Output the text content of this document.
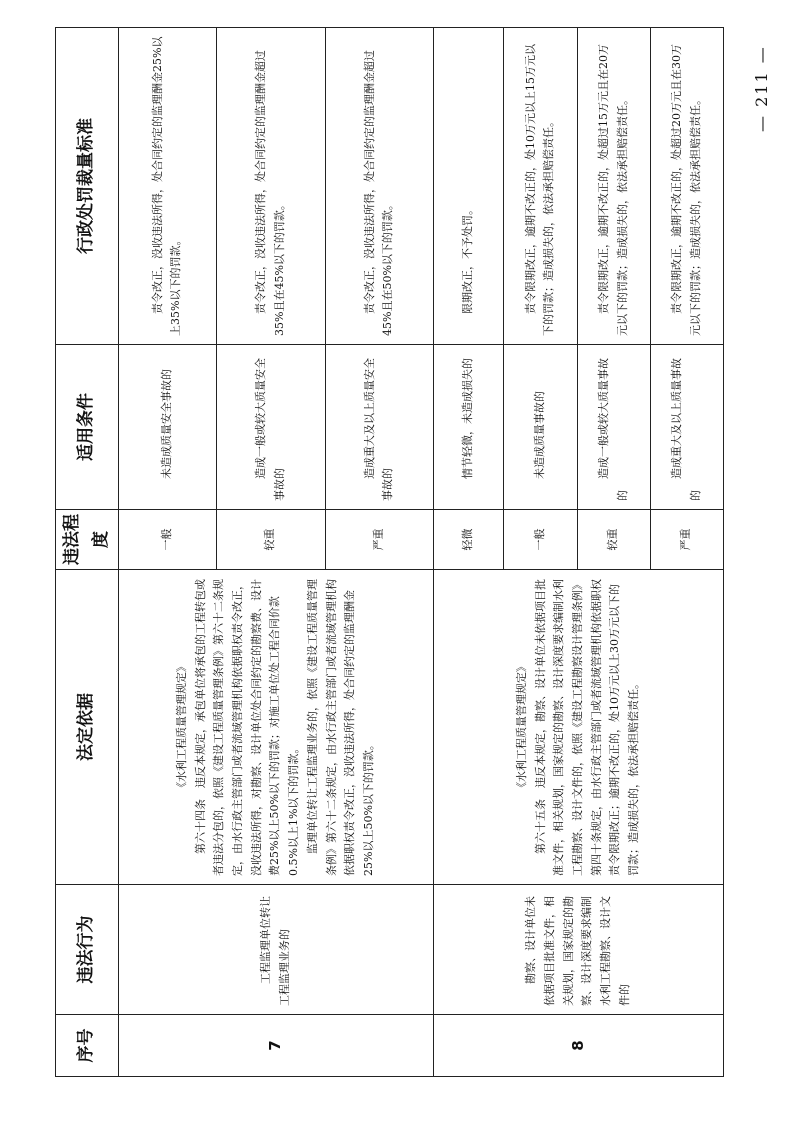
序号	违法行为	法定依据	违法程度	适用条件	行政处罚裁量标准
7	工程监理单位转让工程监理业务的	《水利工程质量管理规定》 第六十四条　违反本规定，承包单位将承包的工程转包或者违法分包的，依照《建设工程质量管理条例》第六十二条规定，由水行政主管部门或者流域管理机构依据职权责令改正，没收违法所得，对勘察、设计单位处合同约定的勘察费、设计费25%以上50%以下的罚款；对施工单位处工程合同价款0.5%以上1%以下的罚款。 监理单位转让工程监理业务的，依照《建设工程质量管理条例》第六十二条规定，由水行政主管部门或者流域管理机构依据职权责令改正，没收违法所得，处合同约定的监理酬金25%以上50%以下的罚款。	一般	未造成质量安全事故的	责令改正，没收违法所得，处合同约定的监理酬金25%以上35%以下的罚款。

			较重	造成一般或较大质量安全事故的	责令改正，没收违法所得，处合同约定的监理酬金超过35%且在45%以下的罚款。

			严重	造成重大及以上质量安全事故的	责令改正，没收违法所得，处合同约定的监理酬金超过45%且在50%以下的罚款。

8	勘察、设计单位未依据项目批准文件，相关规划，国家规定的勘察、设计深度要求编制水利工程勘察、设计文件的	《水利工程质量管理规定》 第六十五条　违反本规定，勘察、设计单位未依据项目批准文件，相关规划，国家规定的勘察、设计深度要求编制水利工程勘察、设计文件的，依照《建设工程勘察设计管理条例》第四十条规定，由水行政主管部门或者流域管理机构依据职权责令限期改正；逾期不改正的，处10万元以上30万元以下的罚款；造成损失的，依法承担赔偿责任。	轻微	情节轻微，未造成损失的	限期改正，不予处罚。

			一般	未造成质量事故的	责令限期改正，逾期不改正的，处10万元以上15万元以下的罚款；造成损失的，依法承担赔偿责任。

			较重	造成一般或较大质量事故的	责令限期改正，逾期不改正的，处超过15万元且在20万元以下的罚款；造成损失的，依法承担赔偿责任。

			严重	造成重大及以上质量事故的	责令限期改正，逾期不改正的，处超过20万元且在30万元以下的罚款；造成损失的，依法承担赔偿责任。

— 211 —
